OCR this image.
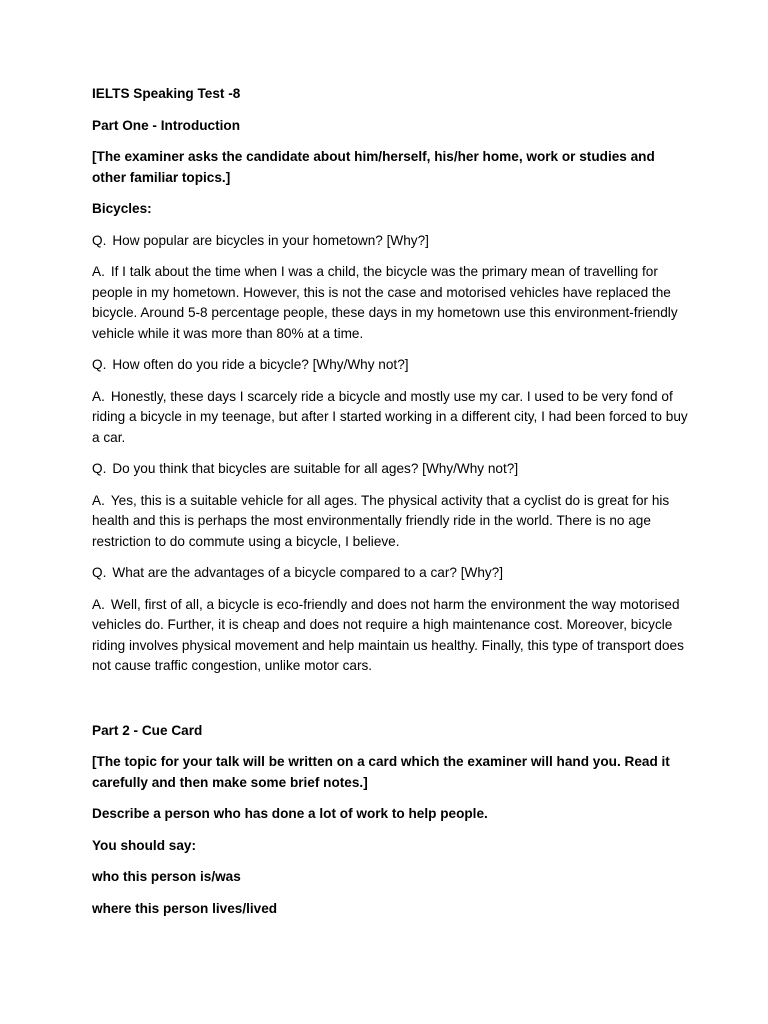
IELTS Speaking Test -8

Part One - Introduction

[The examiner asks the candidate about him/herself, his/her home, work or studies and other familiar topics.]

Bicycles:

Q. How popular are bicycles in your hometown? [Why?]

A. If I talk about the time when I was a child, the bicycle was the primary mean of travelling for people in my hometown. However, this is not the case and motorised vehicles have replaced the bicycle. Around 5-8 percentage people, these days in my hometown use this environment-friendly vehicle while it was more than 80% at a time.

Q. How often do you ride a bicycle? [Why/Why not?]

A. Honestly, these days I scarcely ride a bicycle and mostly use my car. I used to be very fond of riding a bicycle in my teenage, but after I started working in a different city, I had been forced to buy a car.

Q. Do you think that bicycles are suitable for all ages? [Why/Why not?]

A. Yes, this is a suitable vehicle for all ages. The physical activity that a cyclist do is great for his health and this is perhaps the most environmentally friendly ride in the world. There is no age restriction to do commute using a bicycle, I believe.

Q. What are the advantages of a bicycle compared to a car? [Why?]

A. Well, first of all, a bicycle is eco-friendly and does not harm the environment the way motorised vehicles do. Further, it is cheap and does not require a high maintenance cost. Moreover, bicycle riding involves physical movement and help maintain us healthy. Finally, this type of transport does not cause traffic congestion, unlike motor cars.

Part 2 - Cue Card

[The topic for your talk will be written on a card which the examiner will hand you. Read it carefully and then make some brief notes.]

Describe a person who has done a lot of work to help people.

You should say:

who this person is/was

where this person lives/lived
